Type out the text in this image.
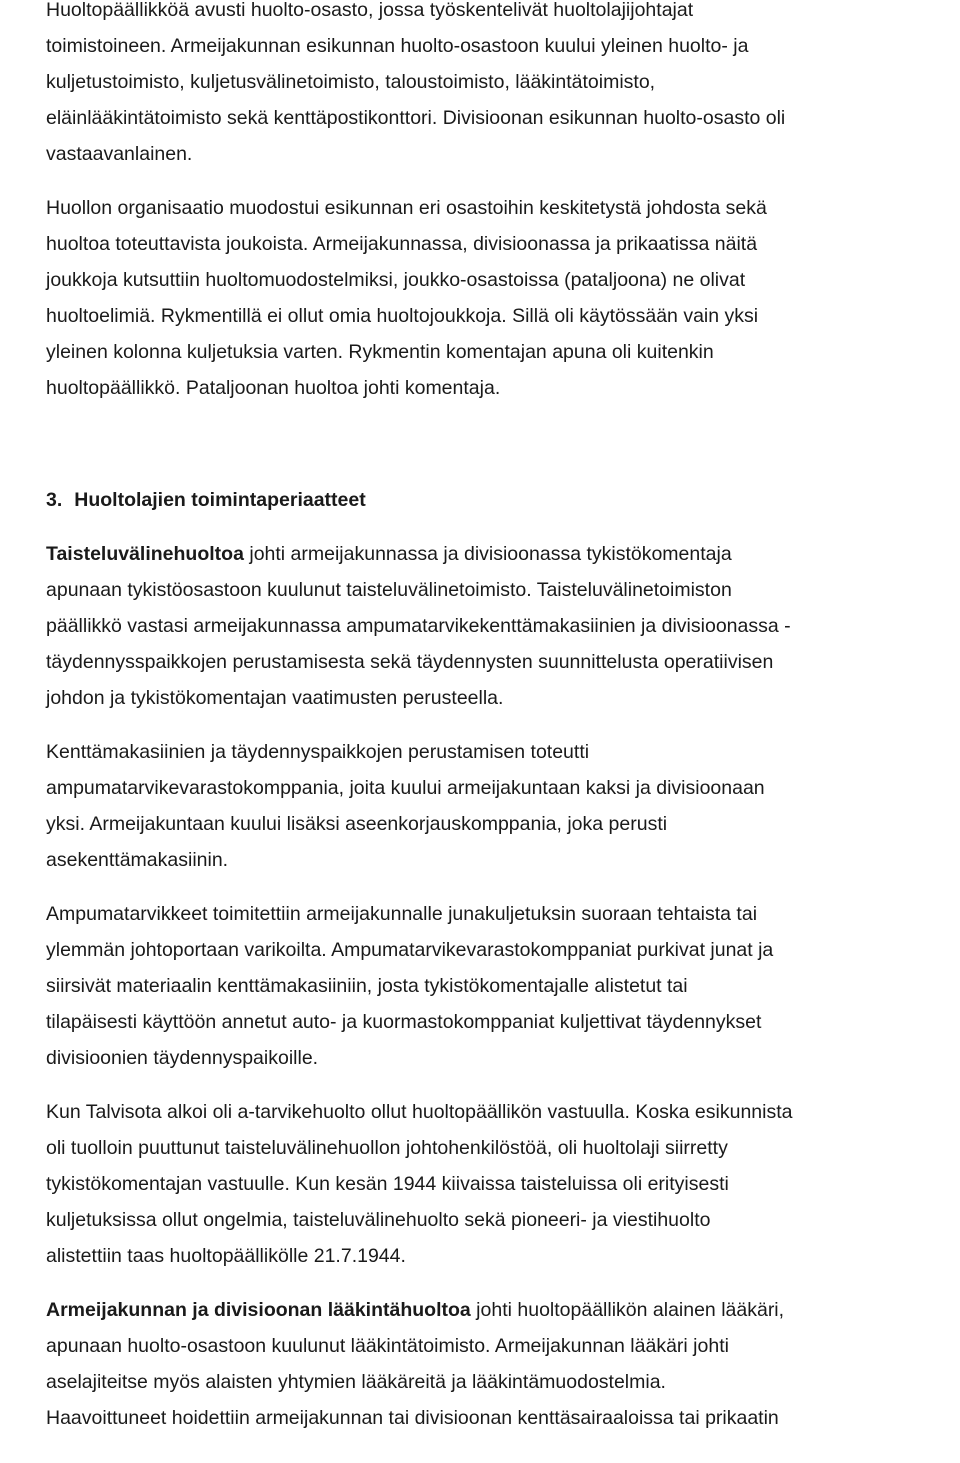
Huoltopäällikköä avusti huolto-osasto, jossa työskentelivät huoltolajijohtajat
toimistoineen. Armeijakunnan esikunnan huolto-osastoon kuului yleinen huolto- ja
kuljetustoimisto, kuljetusvälinetoimisto, taloustoimisto, lääkintätoimisto,
eläinlääkintätoimisto sekä kenttäpostikonttori. Divisioonan esikunnan huolto-osasto oli
vastaavanlainen.

Huollon organisaatio muodostui esikunnan eri osastoihin keskitetystä johdosta sekä
huoltoa toteuttavista joukoista. Armeijakunnassa, divisioonassa ja prikaatissa näitä
joukkoja kutsuttiin huoltomuodostelmiksi, joukko-osastoissa (pataljoona) ne olivat
huoltoelimiä. Rykmentillä ei ollut omia huoltojoukkoja. Sillä oli käytössään vain yksi
yleinen kolonna kuljetuksia varten. Rykmentin komentajan apuna oli kuitenkin
huoltopäällikkö. Pataljoonan huoltoa johti komentaja.

3. Huoltolajien toimintaperiaatteet

Taisteluvälinehuoltoa johti armeijakunnassa ja divisioonassa tykistökomentaja
apunaan tykistöosastoon kuulunut taisteluvälinetoimisto. Taisteluvälinetoimiston
päällikkö vastasi armeijakunnassa ampumatarvikekenttämakasiinien ja divisioonassa -
täydennysspaikkojen perustamisesta sekä täydennysten suunnittelusta operatiivisen
johdon ja tykistökomentajan vaatimusten perusteella.

Kenttämakasiinien ja täydennyspaikkojen perustamisen toteutti
ampumatarvikevarastokomppania, joita kuului armeijakuntaan kaksi ja divisioonaan
yksi. Armeijakuntaan kuului lisäksi aseenkorjauskomppania, joka perusti
asekenttämakasiinin.

Ampumatarvikkeet toimitettiin armeijakunnalle junakuljetuksin suoraan tehtaista tai
ylemmän johtoportaan varikoilta. Ampumatarvikevarastokomppaniat purkivat junat ja
siirsivät materiaalin kenttämakasiiniin, josta tykistökomentajalle alistetut tai
tilapäisesti käyttöön annetut auto- ja kuormastokomppaniat kuljettivat täydennykset
divisioonien täydennyspaikoille.

Kun Talvisota alkoi oli a-tarvikehuolto ollut huoltopäällikön vastuulla. Koska esikunnista
oli tuolloin puuttunut taisteluvälinehuollon johtohenkilöstöä, oli huoltolaji siirretty
tykistökomentajan vastuulle. Kun kesän 1944 kiivaissa taisteluissa oli erityisesti
kuljetuksissa ollut ongelmia, taisteluvälinehuolto sekä pioneeri- ja viestihuolto
alistettiin taas huoltopäällikölle 21.7.1944.

Armeijakunnan ja divisioonan lääkintähuoltoa johti huoltopäällikön alainen lääkäri,
apunaan huolto-osastoon kuulunut lääkintätoimisto. Armeijakunnan lääkäri johti
aselajiteitse myös alaisten yhtymien lääkäreitä ja lääkintämuodostelmia.
Haavoittuneet hoidettiin armeijakunnan tai divisioonan kenttäsairaaloissa tai prikaatin
